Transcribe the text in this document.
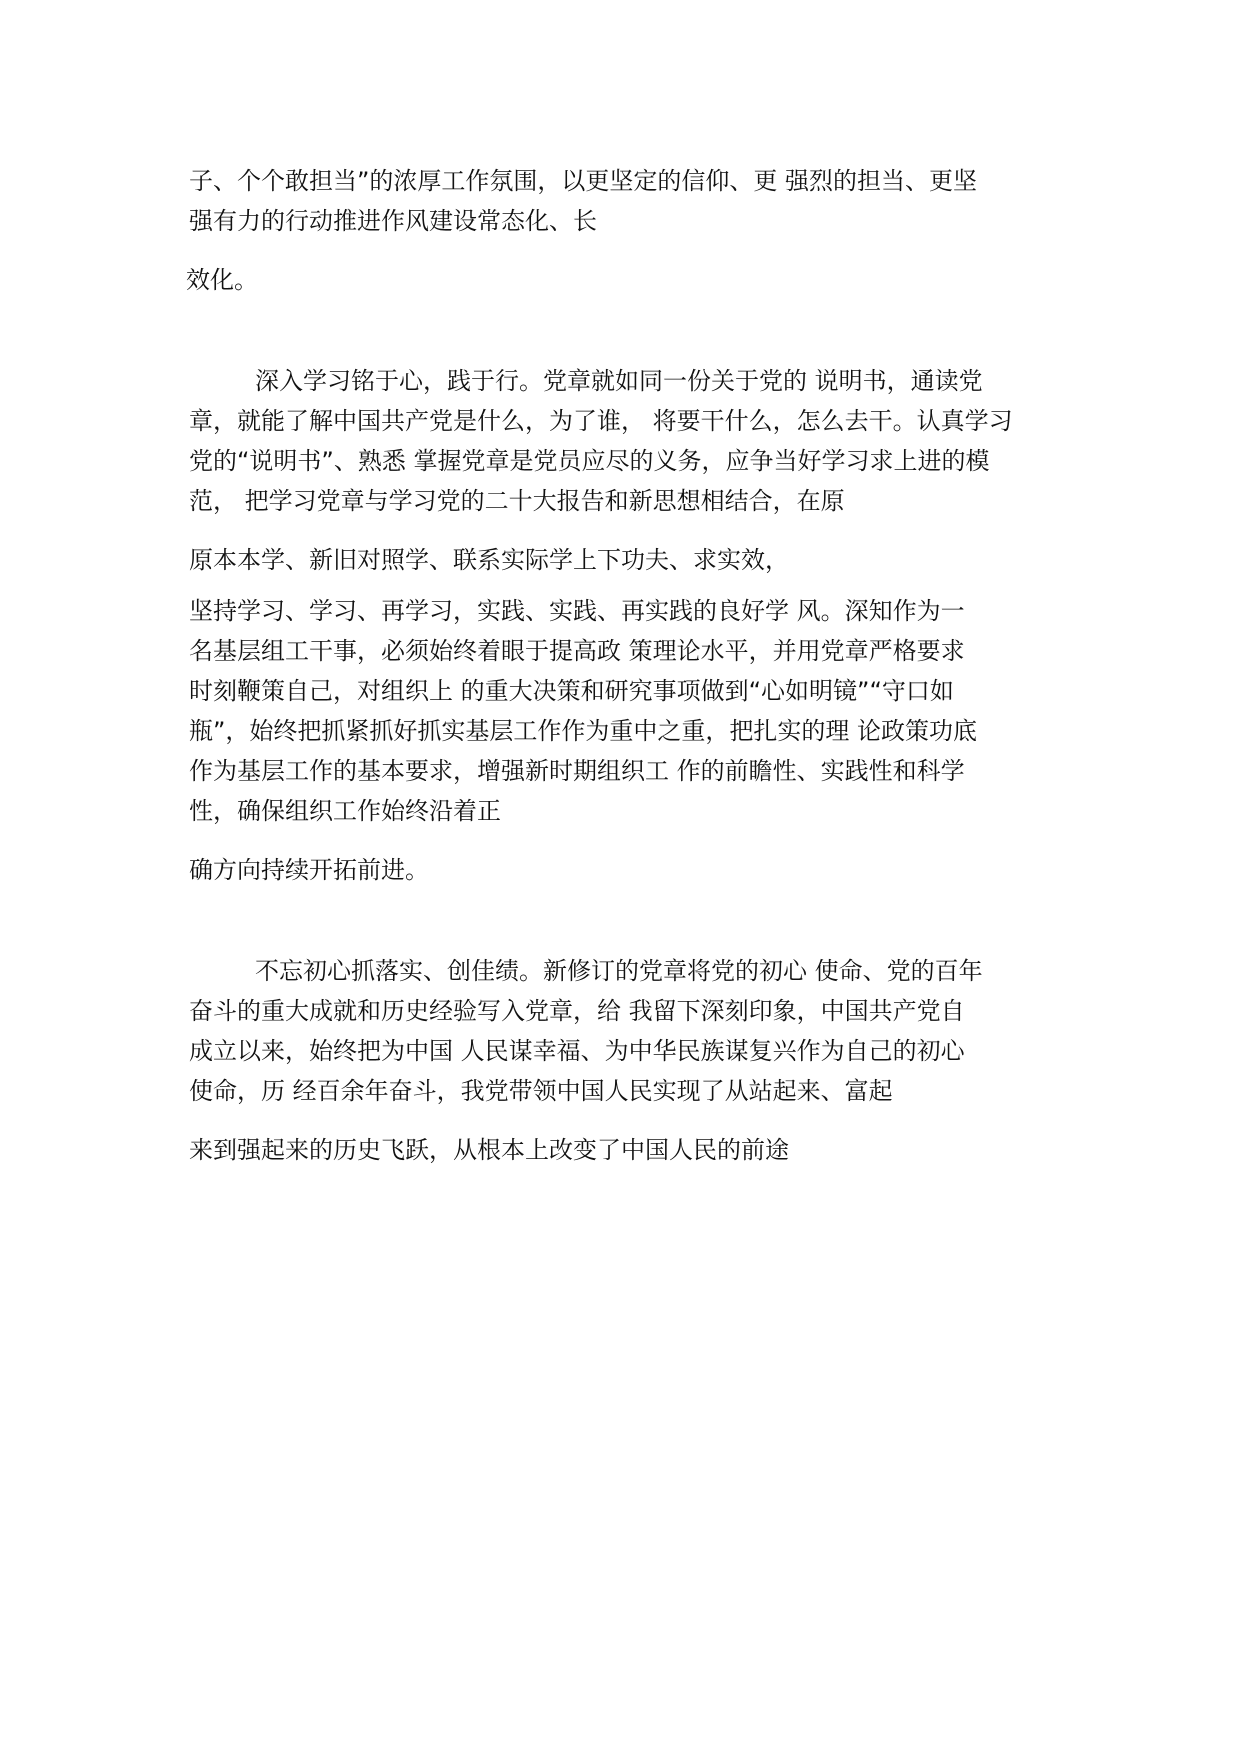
子、个个敢担当”的浓厚工作氛围，以更坚定的信仰、更 强烈的担当、更坚

强有力的行动推进作风建设常态化、长

效化。

深入学习铭于心，践于行。党章就如同一份关于党的 说明书，通读党

章，就能了解中国共产党是什么，为了谁， 将要干什么，怎么去干。认真学习

党的“说明书”、熟悉 掌握党章是党员应尽的义务，应争当好学习求上进的模

范， 把学习党章与学习党的二十大报告和新思想相结合，在原

原本本学、新旧对照学、联系实际学上下功夫、求实效，

坚持学习、学习、再学习，实践、实践、再实践的良好学 风。深知作为一

名基层组工干事，必须始终着眼于提高政 策理论水平，并用党章严格要求

时刻鞭策自己，对组织上 的重大决策和研究事项做到“心如明镜”“守口如

瓶”，始终把抓紧抓好抓实基层工作作为重中之重，把扎实的理 论政策功底

作为基层工作的基本要求，增强新时期组织工 作的前瞻性、实践性和科学

性，确保组织工作始终沿着正

确方向持续开拓前进。

不忘初心抓落实、创佳绩。新修订的党章将党的初心 使命、党的百年

奋斗的重大成就和历史经验写入党章，给 我留下深刻印象，中国共产党自

成立以来，始终把为中国 人民谋幸福、为中华民族谋复兴作为自己的初心

使命，历 经百余年奋斗，我党带领中国人民实现了从站起来、富起

来到强起来的历史飞跃，从根本上改变了中国人民的前途
